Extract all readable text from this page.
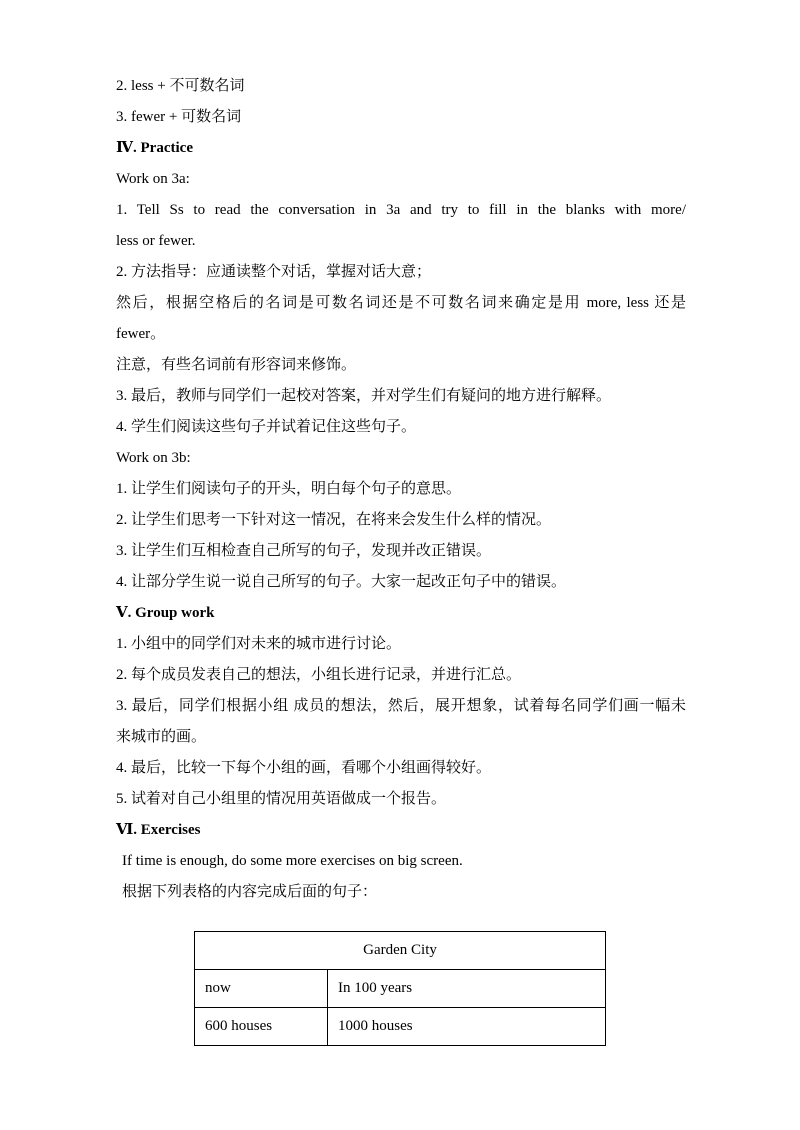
2. less + 不可数名词
3. fewer + 可数名词
Ⅳ. Practice
Work on 3a:
1. Tell Ss to read the conversation in 3a and try to fill in the blanks with more/
less or fewer.
2. 方法指导：应通读整个对话，掌握对话大意；
然后，根据空格后的名词是可数名词还是不可数名词来确定是用 more, less 还是
fewer。
注意，有些名词前有形容词来修饰。
3. 最后，教师与同学们一起校对答案，并对学生们有疑问的地方进行解释。
4. 学生们阅读这些句子并试着记住这些句子。
Work on 3b:
1. 让学生们阅读句子的开头，明白每个句子的意思。
2. 让学生们思考一下针对这一情况，在将来会发生什么样的情况。
3. 让学生们互相检查自己所写的句子，发现并改正错误。
4. 让部分学生说一说自己所写的句子。大家一起改正句子中的错误。
Ⅴ. Group work
1. 小组中的同学们对未来的城市进行讨论。
2. 每个成员发表自己的想法，小组长进行记录，并进行汇总。
3. 最后，同学们根据小组 成员的想法，然后，展开想象，试着每名同学们画一幅未
来城市的画。
4. 最后，比较一下每个小组的画，看哪个小组画得较好。
5. 试着对自己小组里的情况用英语做成一个报告。
Ⅵ. Exercises
If time is enough, do some more exercises on big screen.
根据下列表格的内容完成后面的句子：
Garden City	
now	In 100 years
600 houses	1000 houses
